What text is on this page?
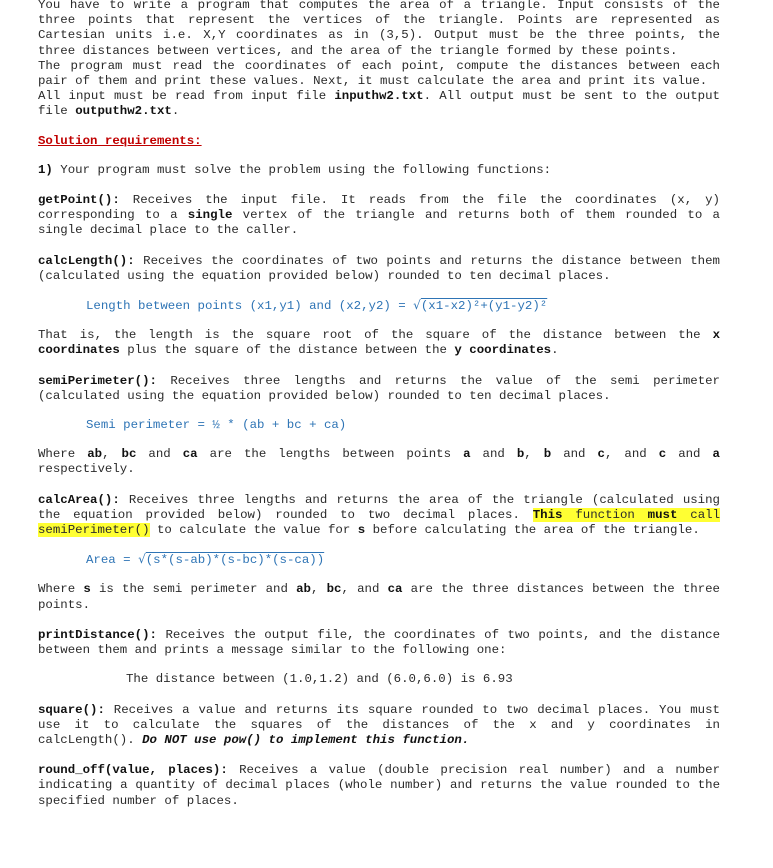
You have to write a program that computes the area of a triangle. Input consists of the three points that represent the vertices of the triangle. Points are represented as Cartesian units i.e. X,Y coordinates as in (3,5). Output must be the three points, the three distances between vertices, and the area of the triangle formed by these points.

The program must read the coordinates of each point, compute the distances between each pair of them and print these values. Next, it must calculate the area and print its value.

All input must be read from input file inputhw2.txt. All output must be sent to the output file outputhw2.txt.

Solution requirements:

1) Your program must solve the problem using the following functions:

getPoint(): Receives the input file. It reads from the file the coordinates (x, y) corresponding to a single vertex of the triangle and returns both of them rounded to a single decimal place to the caller.

calcLength(): Receives the coordinates of two points and returns the distance between them (calculated using the equation provided below) rounded to ten decimal places.

Length between points (x1,y1) and (x2,y2) = √(x1-x2)²+(y1-y2)²

That is, the length is the square root of the square of the distance between the x coordinates plus the square of the distance between the y coordinates.

semiPerimeter(): Receives three lengths and returns the value of the semi perimeter (calculated using the equation provided below) rounded to ten decimal places.

Semi perimeter = ½ * (ab + bc + ca)

Where ab, bc and ca are the lengths between points a and b, b and c, and c and a respectively.

calcArea(): Receives three lengths and returns the area of the triangle (calculated using the equation provided below) rounded to two decimal places. This function must call semiPerimeter() to calculate the value for s before calculating the area of the triangle.

Area = √(s*(s-ab)*(s-bc)*(s-ca))

Where s is the semi perimeter and ab, bc, and ca are the three distances between the three points.

printDistance(): Receives the output file, the coordinates of two points, and the distance between them and prints a message similar to the following one:

The distance between (1.0,1.2) and (6.0,6.0) is 6.93

square(): Receives a value and returns its square rounded to two decimal places. You must use it to calculate the squares of the distances of the x and y coordinates in calcLength(). Do NOT use pow() to implement this function.

round_off(value, places): Receives a value (double precision real number) and a number indicating a quantity of decimal places (whole number) and returns the value rounded to the specified number of places.
